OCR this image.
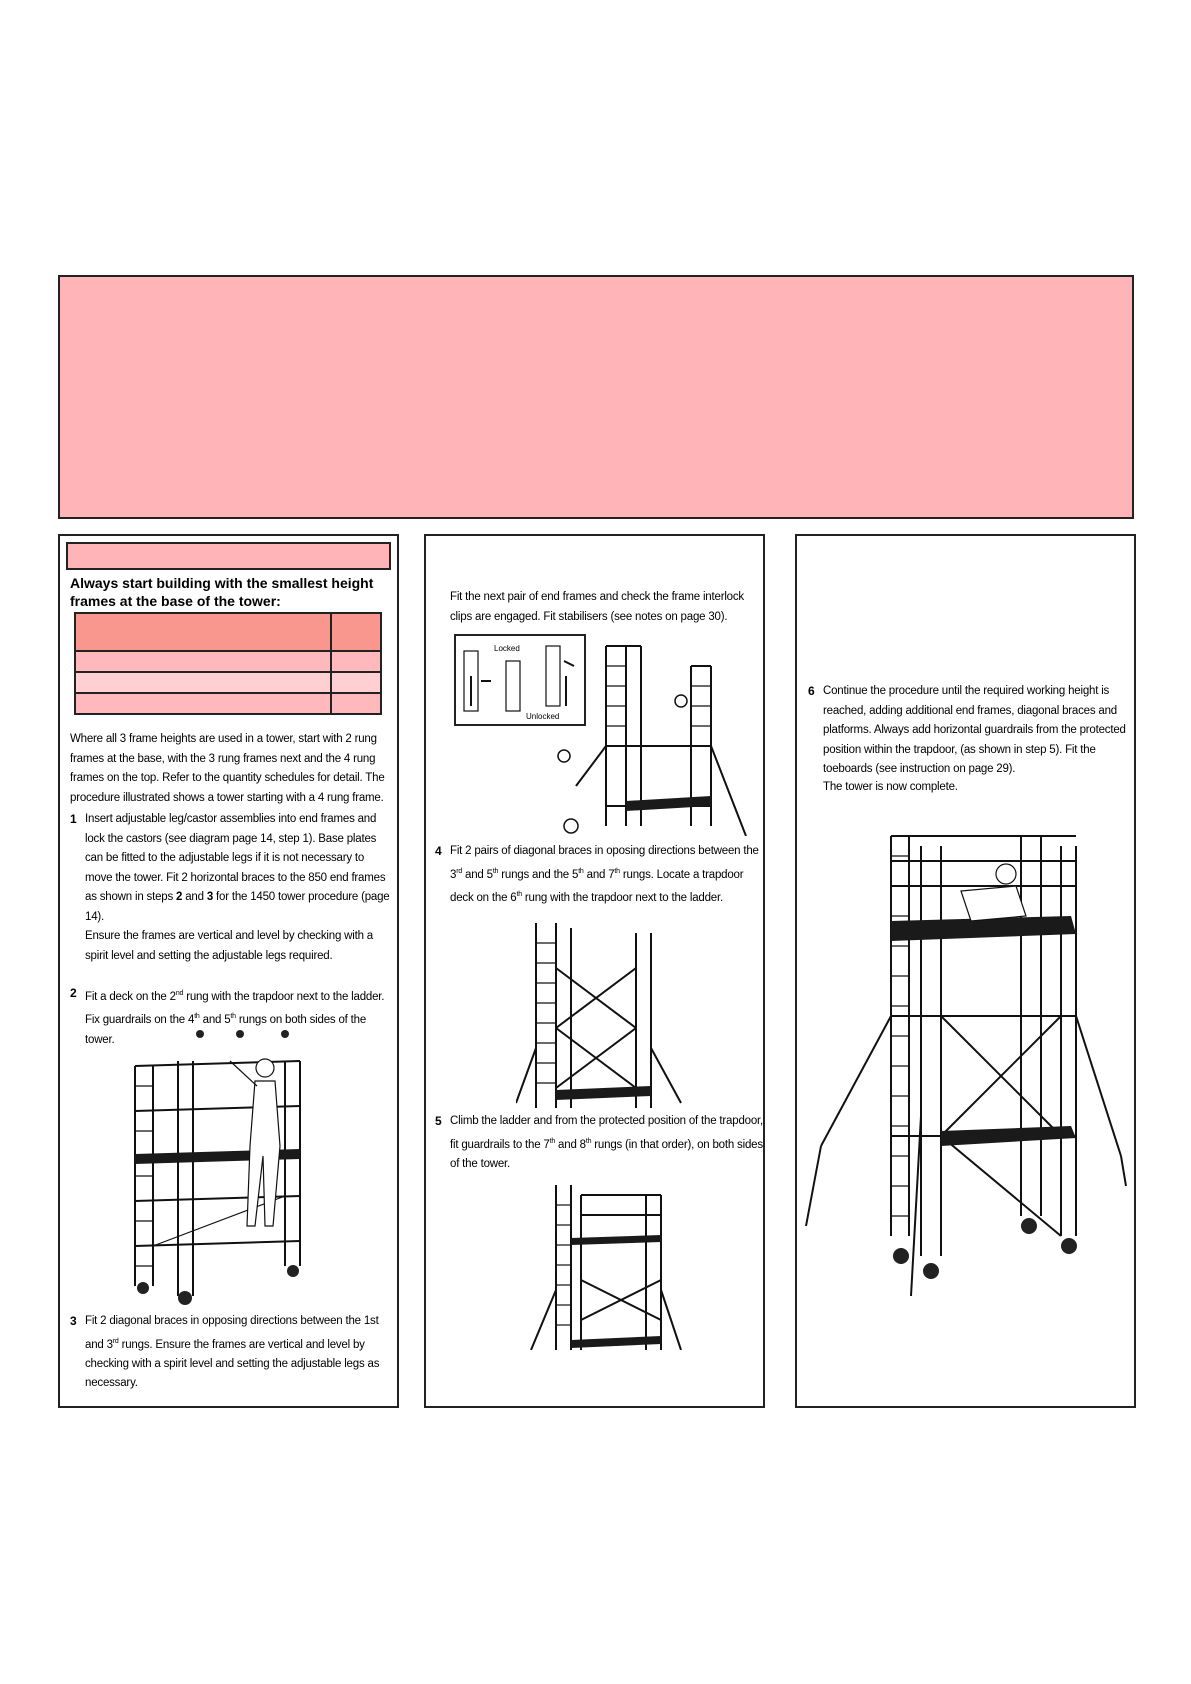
Always start building with the smallest height frames at the base of the tower:

Where all 3 frame heights are used in a tower, start with 2 rung frames at the base, with the 3 rung frames next and the 4 rung frames on the top. Refer to the quantity schedules for detail. The procedure illustrated shows a tower starting with a 4 rung frame.
1 Insert adjustable leg/castor assemblies into end frames and lock the castors (see diagram page 14, step 1). Base plates can be fitted to the adjustable legs if it is not necessary to move the tower. Fit 2 horizontal braces to the 850 end frames as shown in steps 2 and 3 for the 1450 tower procedure (page 14).
Ensure the frames are vertical and level by checking with a spirit level and setting the adjustable legs required.
2 Fit a deck on the 2nd rung with the trapdoor next to the ladder. Fix guardrails on the 4th and 5th rungs on both sides of the tower.
3 Fit 2 diagonal braces in opposing directions between the 1st and 3rd rungs. Ensure the frames are vertical and level by checking with a spirit level and setting the adjustable legs as necessary.
Fit the next pair of end frames and check the frame interlock clips are engaged. Fit stabilisers (see notes on page 30).
Locked
Unlocked
4 Fit 2 pairs of diagonal braces in oposing directions between the 3rd and 5th rungs and the 5th and 7th rungs. Locate a trapdoor deck on the 6th rung with the trapdoor next to the ladder.
5 Climb the ladder and from the protected position of the trapdoor, fit guardrails to the 7th and 8th rungs (in that order), on both sides of the tower.
6 Continue the procedure until the required working height is reached, adding additional end frames, diagonal braces and platforms. Always add horizontal guardrails from the protected position within the trapdoor, (as shown in step 5). Fit the toeboards (see instruction on page 29).
The tower is now complete.
